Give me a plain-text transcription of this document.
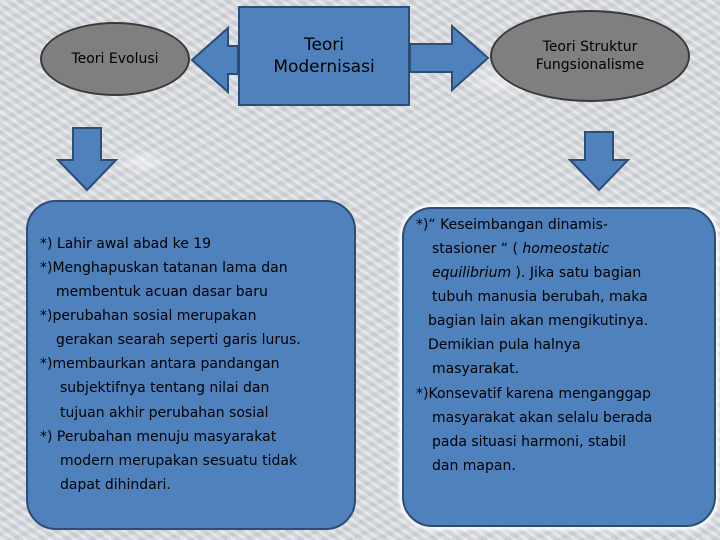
Teori Evolusi
Teori
Modernisasi
Teori Struktur
Fungsionalisme
*) Lahir awal abad ke 19
*)Menghapuskan tatanan lama dan
membentuk acuan dasar baru
*)perubahan sosial merupakan
gerakan searah seperti garis lurus.
*)membaurkan antara pandangan
subjektifnya tentang nilai dan
tujuan akhir perubahan sosial
*) Perubahan menuju masyarakat
modern merupakan sesuatu tidak
dapat dihindari.
*)“ Keseimbangan dinamis-
stasioner “ ( homeostatic
equilibrium ). Jika satu bagian
tubuh manusia berubah, maka
bagian lain akan mengikutinya.
Demikian pula halnya
masyarakat.
*)Konsevatif karena menganggap
masyarakat akan selalu berada
pada situasi harmoni, stabil
dan mapan.
